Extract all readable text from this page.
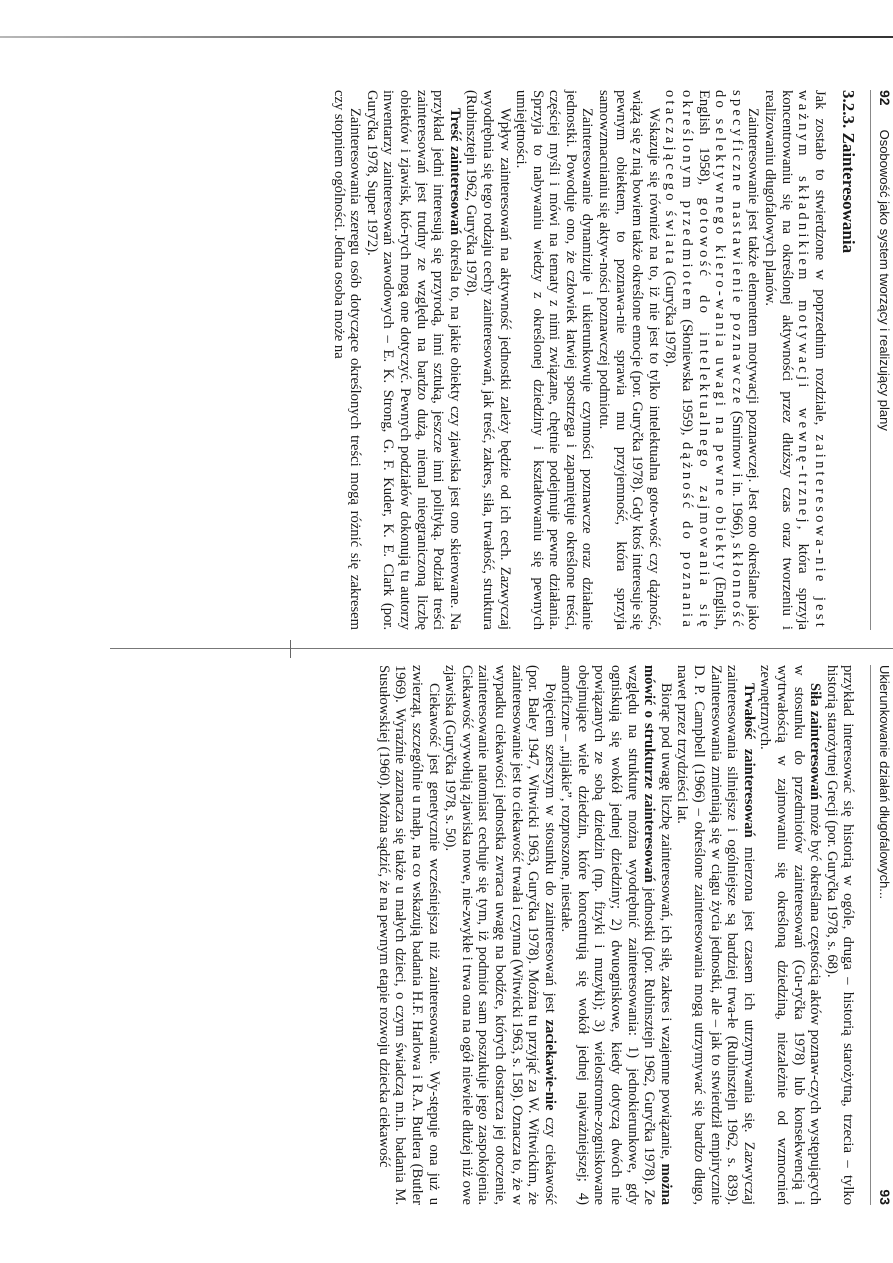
92
Osobowość jako system tworzący i realizujący plany
3.2.3. Zainteresowania

Jak zostało to stwierdzone w poprzednim rozdziale, zainteresowa-nie jest ważnym składnikiem motywacji wewnę-trznej, która sprzyja koncentrowaniu się na określonej aktywności przez dłuższy czas oraz tworzeniu i realizowaniu długofalowych planów.

Zainteresowanie jest także elementem motywacji poznawczej. Jest ono określane jako specyficzne nastawienie poznawcze (Smirnow i in. 1966), skłonność do selektywnego kiero-wania uwagi na pewne obiekty (English, English 1958), gotowość do intelektualnego zajmowania się określonym przedmiotem (Słoniewska 1959), dążność do poznania otaczającego świata (Guryčka 1978).

Wskazuje się również na to, iż nie jest to tylko intelektualna goto-wość czy dążność, wiążą się z nią bowiem także określone emocje (por. Guryčka 1978). Gdy ktoś interesuje się pewnym obiektem, to poznawa-nie sprawia mu przyjemność, która sprzyja samowzmacnianiu się aktyw-ności poznawczej podmiotu.

Zainteresowanie dynamizuje i ukierunkowuje czynności poznawcze oraz działanie jednostki. Powoduje ono, że człowiek łatwiej spostrzega i zapamiętuje określone treści, częściej myśli i mówi na tematy z nimi związane, chętnie podejmuje pewne działania. Sprzyja to nabywaniu wiedzy z określonej dziedziny i kształtowaniu się pewnych umiejętności.

Wpływ zainteresowań na aktywność jednostki zależy będzie od ich cech. Zazwyczaj wyodrębnia się tego rodzaju cechy zainteresowań, jak treść, zakres, siła, trwałość, struktura (Rubinsztejn 1962, Guryčka 1978).

Treść zainteresowań określa to, na jakie obiekty czy zjawiska jest ono skierowane. Na przykład jedni interesują się przyrodą, inni sztuką, jeszcze inni polityką. Podział treści zainteresowań jest trudny ze względu na bardzo dużą, niemal nieograniczoną liczbę obiektów i zjawisk, któ-rych mogą one dotyczyć. Pewnych podziałów dokonują tu autorzy inwentarzy zainteresowań zawodowych – E. K. Strong, G. F. Kuder, K. E. Clark (por. Guryčka 1978, Super 1972).

Zainteresowania szeregu osób dotyczące określonych treści mogą różnić się zakresem czy stopniem ogólności. Jedna osoba może na

Ukierunkowanie działań długofalowych...
93

przykład interesować się historią w ogóle, druga – historią starożytną, trzecia – tylko historią starożytnej Grecji (por. Guryčka 1978, s. 68).

Siła zainteresowań może być określana częstością aktów poznaw-czych występujących w stosunku do przedmiotów zainteresowań (Gu-ryčka 1978) lub konsekwencją i wytrwałością w zajmowaniu się określoną dziedziną, niezależnie od wzmocnień zewnętrznych.

Trwałość zainteresowań mierzona jest czasem ich utrzymywania się. Zazwyczaj zainteresowania silniejsze i ogólniejsze są bardziej trwa-łe (Rubinsztejn 1962, s. 839). Zainteresowania zmieniają się w ciągu życia jednostki, ale – jak to stwierdził empirycznie D. P. Campbell (1966) – określone zainteresowania mogą utrzymywać się bardzo długo, nawet przez trzydzieści lat.

Biorąc pod uwagę liczbę zainteresowań, ich siłę, zakres i wzajemne powiązanie, można mówić o strukturze zainteresowań jednostki (por. Rubinsztejn 1962, Guryčka 1978). Ze względu na strukturę można wyodrębnić zainteresowania: 1) jednokierunkowe, gdy ogniskują się wokół jednej dziedziny; 2) dwuogniskowe, kiedy dotyczą dwóch nie powiązanych ze sobą dziedzin (np. fizyki i muzyki); 3) wielostronne-zogniskowane obejmujące wiele dziedzin, które koncentrują się wokół jednej najważniejszej; 4) amorficzne – „nijakie”, rozproszone, niestałe.

Pojęciem szerszym w stosunku do zainteresowań jest zaciekawie-nie czy ciekawość (por. Baley 1947, Witwicki 1963, Guryčka 1978). Można tu przyjąć za W. Witwickim, że zainteresowanie jest to ciekawość trwała i czynna (Witwicki 1963, s. 158). Oznacza to, że w wypadku ciekawości jednostka zwraca uwagę na bodźce, których dostarcza jej otoczenie, zainteresowanie natomiast cechuje się tym, iż podmiot sam poszukuje jego zaspokojenia. Ciekawość wywołują zjawiska nowe, nie-zwykłe i trwa ona na ogół niewiele dłużej niż owe zjawiska (Guryčka 1978, s. 50).

Ciekawość jest genetycznie wcześniejsza niż zainteresowanie. Wy-stępuje ona już u zwierząt, szczególnie u małp, na co wskazują badania H.F. Harlowa i R.A. Butlera (Butler 1969). Wyraźnie zaznacza się także u małych dzieci, o czym świadczą m.in. badania M. Susułowskiej (1960). Można sądzić, że na pewnym etapie rozwoju dziecka ciekawość
